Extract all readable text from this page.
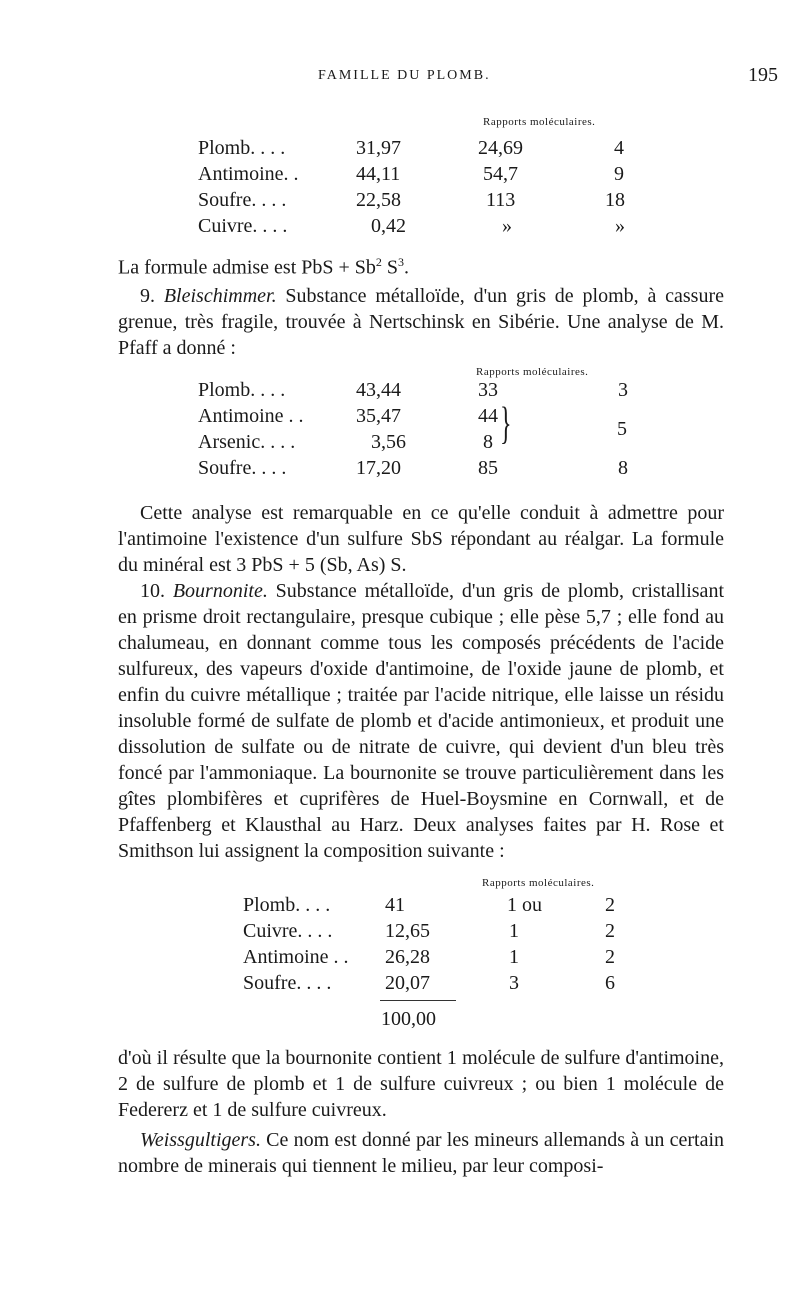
FAMILLE DU PLOMB.	195
Rapports moléculaires.
Plomb. . . .	31,97	24,69	4
Antimoine. .	44,11	54,7	9
Soufre. . . .	22,58	113	18
Cuivre. . . .	0,42	»	»
La formule admise est PbS + $Sb^2$ $S^3$.

9. Bleischimmer. Substance métalloïde, d'un gris de plomb, à cassure grenue, très fragile, trouvée à Nertschinsk en Sibérie. Une analyse de M. Pfaff a donné :

Rapports moléculaires.
Plomb. . . .	43,44	33	3
Antimoine . .	35,47	44
Arsenic. . . .	3,56	8 }	5
Soufre. . . .	17,20	85	8

Cette analyse est remarquable en ce qu'elle conduit à admettre pour l'antimoine l'existence d'un sulfure SbS répondant au réalgar. La formule du minéral est 3 PbS + 5 (Sb, As) S.

10. Bournonite. Substance métalloïde, d'un gris de plomb, cristallisant en prisme droit rectangulaire, presque cubique ; elle pèse 5,7 ; elle fond au chalumeau, en donnant comme tous les composés précédents de l'acide sulfureux, des vapeurs d'oxide d'antimoine, de l'oxide jaune de plomb, et enfin du cuivre métallique ; traitée par l'acide nitrique, elle laisse un résidu insoluble formé de sulfate de plomb et d'acide antimonieux, et produit une dissolution de sulfate ou de nitrate de cuivre, qui devient d'un bleu très foncé par l'ammoniaque. La bournonite se trouve particulièrement dans les gîtes plombifères et cuprifères de Huel-Boysmine en Cornwall, et de Pfaffenberg et Klausthal au Harz. Deux analyses faites par H. Rose et Smithson lui assignent la composition suivante :

Rapports moléculaires.
Plomb. . . .	41	1 ou	2
Cuivre. . . .	12,65	1	2
Antimoine . . 26,28	1	2
Soufre. . . .	20,07	3	6
100,00

d'où il résulte que la bournonite contient 1 molécule de sulfure d'antimoine, 2 de sulfure de plomb et 1 de sulfure cuivreux ; ou bien 1 molécule de Federerz et 1 de sulfure cuivreux.

Weissgultigers. Ce nom est donné par les mineurs allemands à un certain nombre de minerais qui tiennent le milieu, par leur composi-
